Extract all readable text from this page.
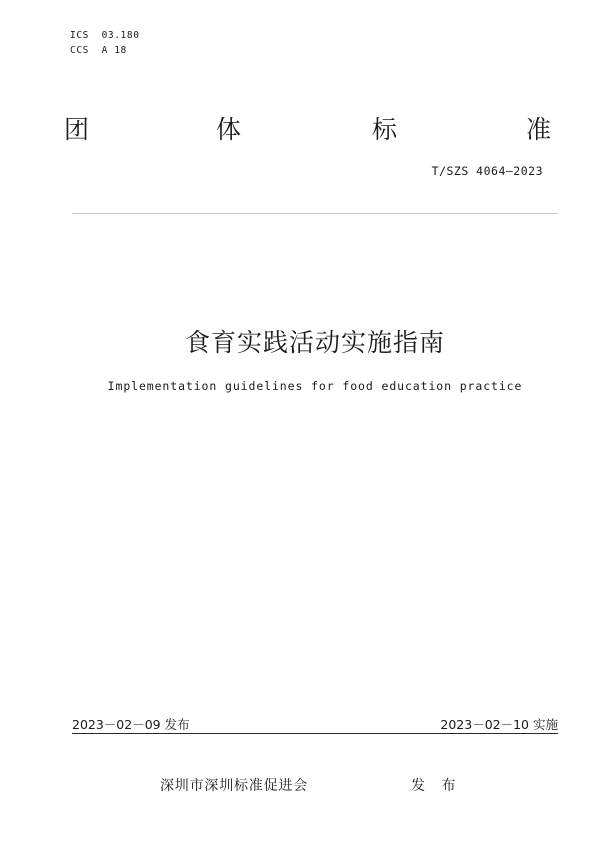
ICS  03.180
CCS  A 18
团	体	标	准
T/SZS 4064—2023
食育实践活动实施指南
Implementation guidelines for food education practice
2023－02－09 发布	2023－02－10 实施
深圳市深圳标准促进会	发 布
